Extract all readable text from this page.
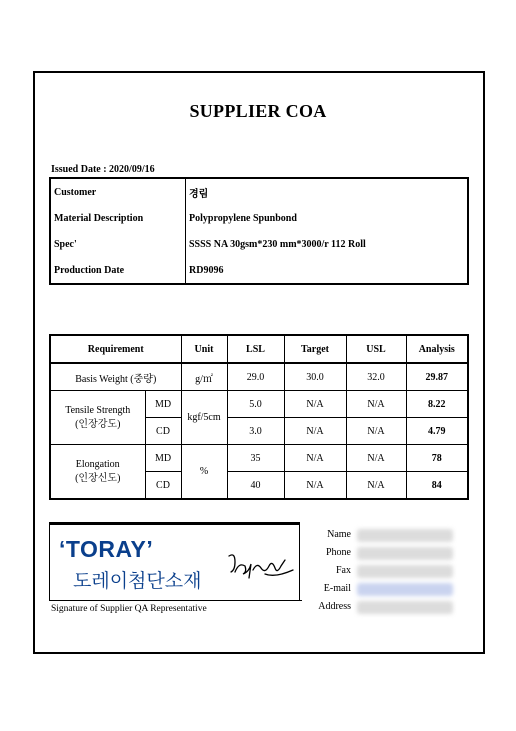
SUPPLIER COA
Issued Date : 2020/09/16
Customer	경림
Material Description	Polypropylene Spunbond
Spec'	SSSS NA 30gsm*230 mm*3000/r 112 Roll
Production Date	RD9096
Requirement		Unit	LSL	Target	USL	Analysis
Basis Weight (중량)		g/㎡	29.0	30.0	32.0	29.87
Tensile Strength
(인장강도)	MD	kgf/5cm	5.0	N/A	N/A	8.22
	CD		3.0	N/A	N/A	4.79
Elongation
(인장신도)	MD	%	35	N/A	N/A	78
	CD		40	N/A	N/A	84
‘TORAY’
도레이첨단소재
Signature of Supplier QA Representative
Name
Phone
Fax
E-mail
Address
